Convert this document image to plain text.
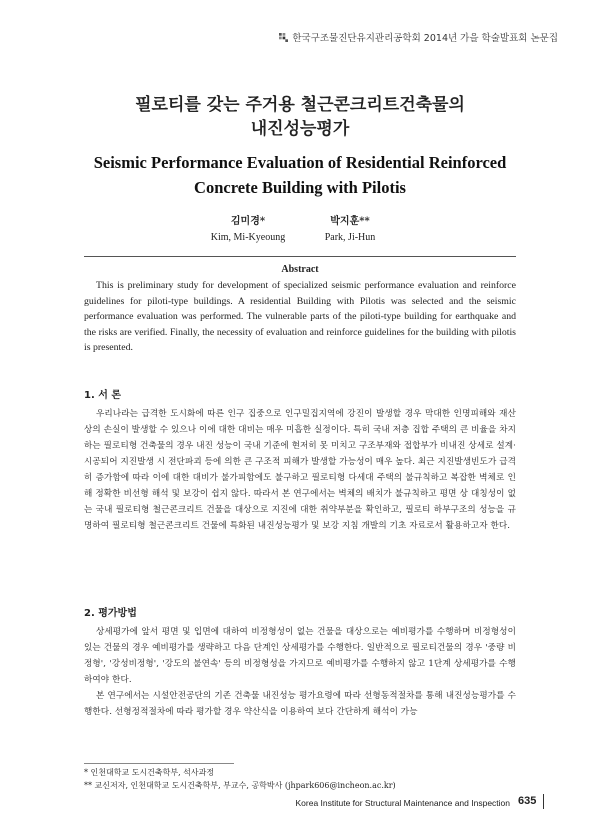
한국구조물진단유지관리공학회 2014년 가을 학술발표회 논문집
필로티를 갖는 주거용 철근콘크리트건축물의
내진성능평가
Seismic Performance Evaluation of Residential Reinforced
Concrete Building with Pilotis
김미경*
Kim, Mi-Kyeoung
박지훈**
Park, Ji-Hun
Abstract
This is preliminary study for development of specialized seismic performance evaluation and reinforce guidelines for piloti-type buildings. A residential Building with Pilotis was selected and the seismic performance evaluation was performed. The vulnerable parts of the piloti-type building for earthquake and the risks are verified. Finally, the necessity of evaluation and reinforce guidelines for the building with pilotis is presented.
1. 서 론

우리나라는 급격한 도시화에 따른 인구 집중으로 인구밀집지역에 강진이 발생할 경우 막대한 인명피해와 재산상의 손실이 발생할 수 있으나 이에 대한 대비는 매우 미흡한 실정이다. 특히 국내 저층 집합 주택의 큰 비율을 차지하는 필로티형 건축물의 경우 내진 성능이 국내 기준에 현저히 못 미치고 구조부재와 접합부가 비내진 상세로 설계·시공되어 지진발생 시 전단파괴 등에 의한 큰 구조적 피해가 발생할 가능성이 매우 높다. 최근 지진발생빈도가 급격히 증가함에 따라 이에 대한 대비가 불가피함에도 불구하고 필로티형 다세대 주택의 불규칙하고 복잡한 벽체로 인해 정확한 비선형 해석 및 보강이 쉽지 않다. 따라서 본 연구에서는 벽체의 배치가 불규칙하고 평면 상 대칭성이 없는 국내 필로티형 철근콘크리트 건물을 대상으로 지진에 대한 취약부분을 확인하고, 필로티 하부구조의 성능을 규명하여 필로티형 철근콘크리트 건물에 특화된 내진성능평가 및 보강 지침 개발의 기초 자료로서 활용하고자 한다.

2. 평가방법

상세평가에 앞서 평면 및 입면에 대하여 비정형성이 없는 건물을 대상으로는 예비평가를 수행하며 비정형성이 있는 건물의 경우 예비평가를 생략하고 다음 단계인 상세평가를 수행한다. 일반적으로 필로티건물의 경우 '중량 비정형', '강성비정형', '강도의 불연속' 등의 비정형성을 가지므로 예비평가를 수행하지 않고 1단계 상세평가를 수행하여야 한다.

본 연구에서는 시설안전공단의 기존 건축물 내진성능 평가요령에 따라 선형동적절차를 통해 내진성능평가를 수행한다. 선형정적절차에 따라 평가할 경우 약산식을 이용하여 보다 간단하게 해석이 가능

* 인천대학교 도시건축학부, 석사과정
** 교신저자, 인천대학교 도시건축학부, 부교수, 공학박사 (jhpark606@incheon.ac.kr)
Korea Institute for Structural Maintenance and Inspection 635
